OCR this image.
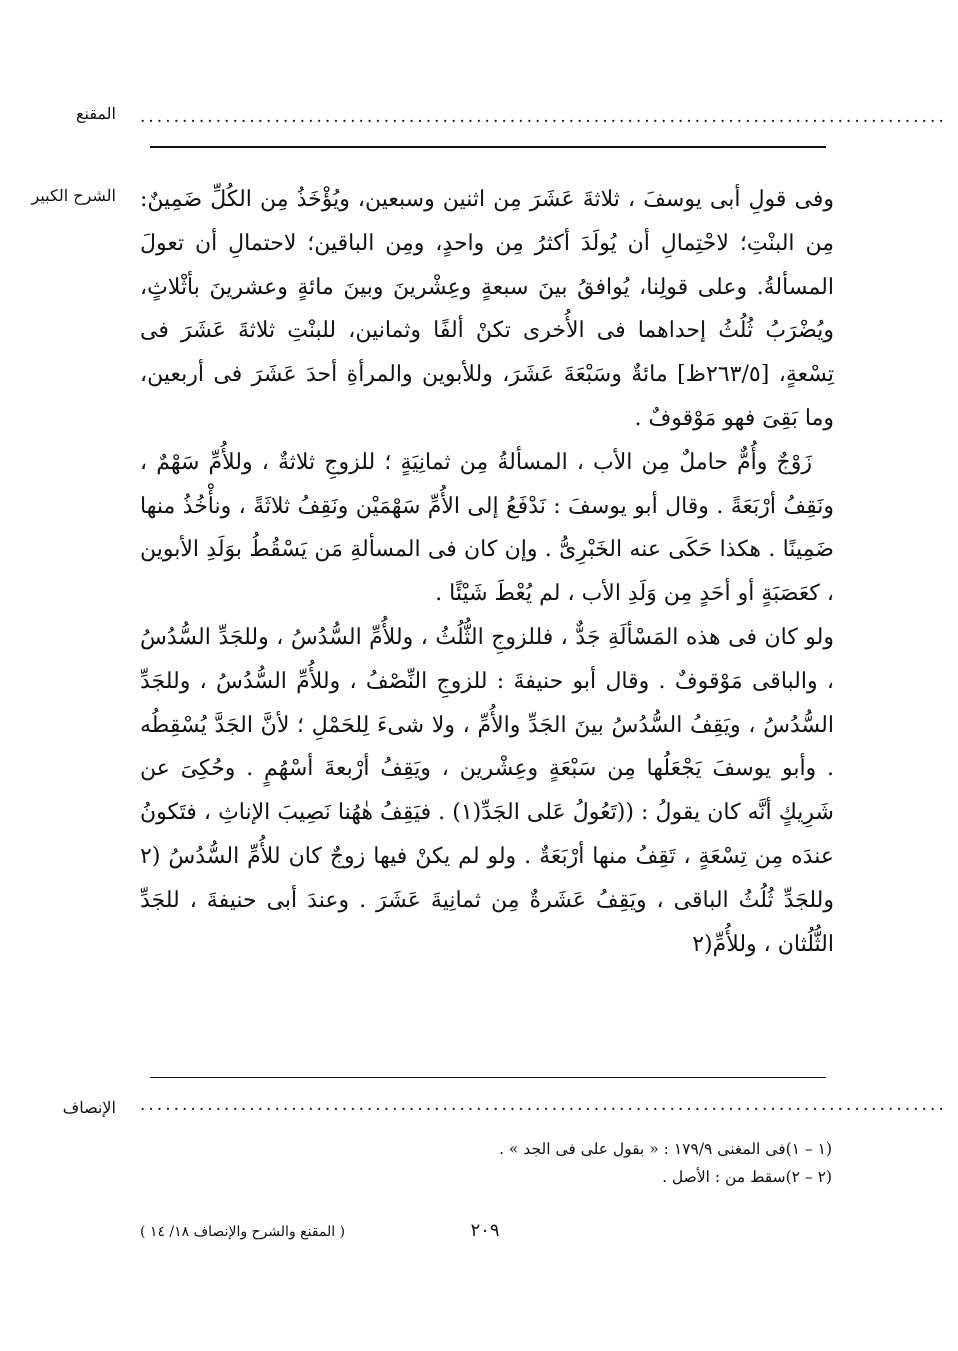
المقنع ................................................................................................
الشرح الكبير وفى قولِ أبى يوسفَ ، ثلاثةَ عَشَرَ مِن اثنين وسبعين، ويُؤْخَذُ مِن الكُلِّ ضَمِينٌ: مِن البنْتِ؛ لاحْتِمالِ أن يُولَدَ أكثرُ مِن واحدٍ، ومِن الباقين؛ لاحتمالِ أن تعولَ المسألةُ. وعلى قولِنا، يُوافقُ بينَ سبعةٍ وعِشْرينَ وبينَ مائةٍ وعشرينَ بأثْلاثٍ، ويُضْرَبُ ثُلُثُ إحداهما فى الأُخرى تكنْ ألفًا وثمانين، للبنْتِ ثلاثةَ عَشَرَ فى تِسْعةٍ، [٢٦٣/٥ظ] مائةٌ وسَبْعَةَ عَشَرَ، وللأبوين والمرأةِ أحدَ عَشَرَ فى أربعين، وما بَقِىَ فهو مَوْقوفٌ .

زَوْجٌ وأُمٌّ حاملٌ مِن الأب ، المسألةُ مِن ثمانِيَةٍ ؛ للزوجِ ثلاثةٌ ، وللأُمِّ سَهْمٌ ، ونَقِفُ أرْبَعَةً . وقال أبو يوسفَ : نَدْفَعُ إلى الأُمِّ سَهْمَيْن ونَقِفُ ثلاثَةً ، ونأْخُذُ منها ضَمِينًا . هكذا حَكَى عنه الخَبْرِىُّ . وإن كان فى المسألةِ مَن يَسْقُطُ بوَلَدِ الأبوين ، كعَصَبَةٍ أو أحَدٍ مِن وَلَدِ الأب ، لم يُعْطَ شَيْئًا .

ولو كان فى هذه المَسْألَةِ جَدٌّ ، فللزوجِ الثُّلُثُ ، وللأُمِّ السُّدُسُ ، وللجَدِّ السُّدُسُ ، والباقى مَوْقوفٌ . وقال أبو حنيفةَ : للزوجِ النِّصْفُ ، وللأُمِّ السُّدُسُ ، وللجَدِّ السُّدُسُ ، ويَقِفُ السُّدُسُ بينَ الجَدِّ والأُمِّ ، ولا شىءَ لِلحَمْلِ ؛ لأنَّ الجَدَّ يُسْقِطُه . وأبو يوسفَ يَجْعَلُها مِن سَبْعَةٍ وعِشْرين ، ويَقِفُ أرْبعةَ أسْهُمٍ . وحُكِىَ عن شَرِيكٍ أنَّه كان يقولُ : ((تَعُولُ عَلى الجَدِّ(١) . فيَقِفُ هٰهُنا نَصِيبَ الإناثِ ، فتَكونُ عندَه مِن تِسْعَةٍ ، تَقِفُ منها أرْبَعَةٌ . ولو لم يكنْ فيها زوجٌ كان للأُمِّ السُّدُسُ (٢ وللجَدِّ ثُلُثُ الباقى ، ويَقِفُ عَشَرةٌ مِن ثمانِيةَ عَشَرَ . وعندَ أبى حنيفةَ ، للجَدِّ الثُّلُثان ، وللأُمِّ(٢

الإنصاف ................................................................................................
(١ – ١)فى المغنى ١٧٩/٩ : « بقول على فى الجد » .
(٢ – ٢)سقط من : الأصل .
٢٠٩
( المقنع والشرح والإنصاف ١٨/ ١٤ )
